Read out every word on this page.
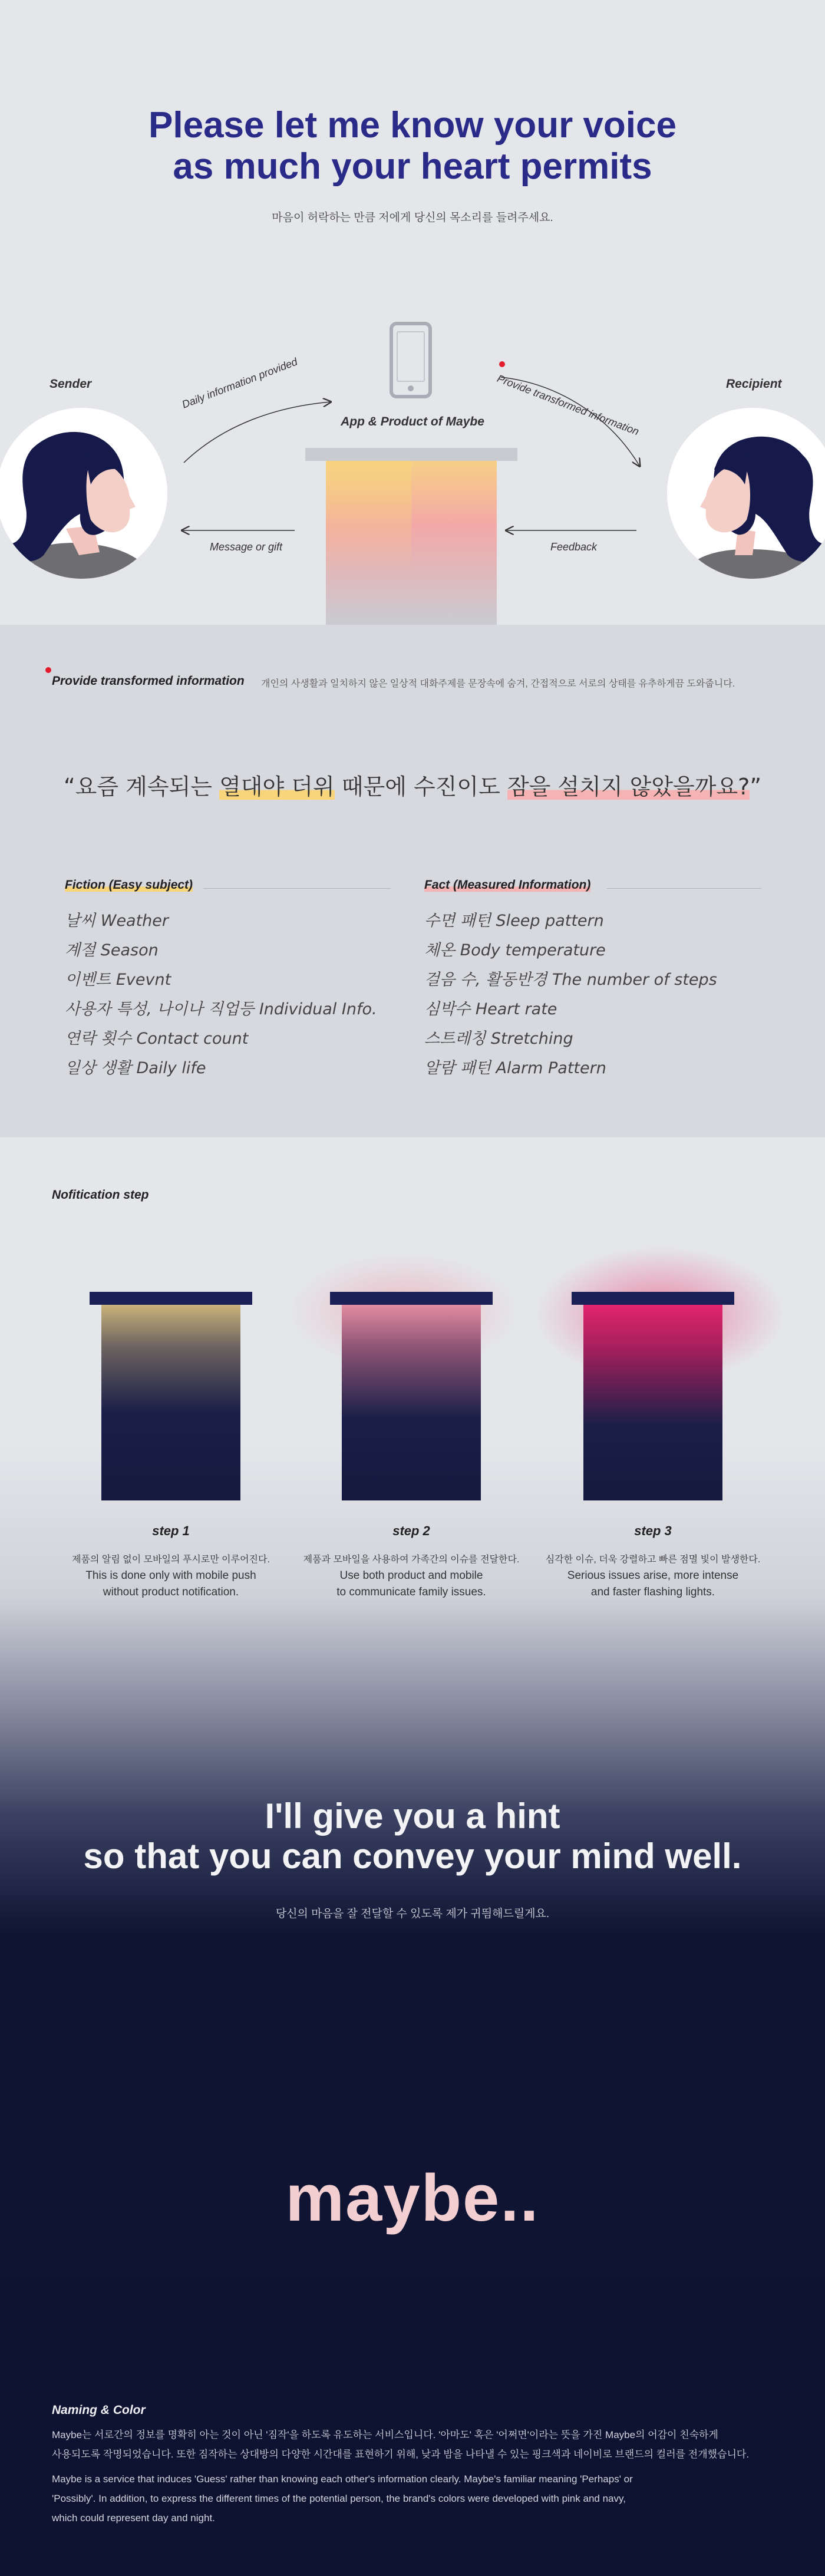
Please let me know your voice
as much your heart permits
마음이 허락하는 만큼 저에게 당신의 목소리를 들려주세요.
Sender	Recipient
App & Product of Maybe
Daily information provided	Provide transformed information
Message or gift	Feedback
Provide transformed information 개인의 사생활과 일치하지 않은 일상적 대화주제를 문장속에 숨겨, 간접적으로 서로의 상태를 유추하게끔 도와줍니다.
“요즘 계속되는 열대야 더위 때문에 수진이도 잠을 설치지 않았을까요?”
Fiction (Easy subject)
날씨 Weather
계절 Season
이벤트 Evevnt
사용자 특성, 나이나 직업등 Individual Info.
연락 횟수 Contact count
일상 생활 Daily life
Fact (Measured Information)
수면 패턴 Sleep pattern
체온 Body temperature
걸음 수, 활동반경 The number of steps
심박수 Heart rate
스트레칭 Stretching
알람 패턴 Alarm Pattern
Nofitication step
step 1
제품의 알림 없이 모바일의 푸시로만 이루어진다.
This is done only with mobile push
without product notification.
step 2
제품과 모바일을 사용하여 가족간의 이슈를 전달한다.
Use both product and mobile
to communicate family issues.
step 3
심각한 이슈, 더욱 강렬하고 빠른 점멸 빛이 발생한다.
Serious issues arise, more intense
and faster flashing lights.
I'll give you a hint
so that you can convey your mind well.
당신의 마음을 잘 전달할 수 있도록 제가 귀띔해드릴게요.
maybe..
Naming & Color
Maybe는 서로간의 정보를 명확히 아는 것이 아닌 '짐작'을 하도록 유도하는 서비스입니다. '아마도' 혹은 '어쩌면'이라는 뜻을 가진 Maybe의 어감이 친숙하게
사용되도록 작명되었습니다. 또한 짐작하는 상대방의 다양한 시간대를 표현하기 위해, 낮과 밤을 나타낼 수 있는 핑크색과 네이비로 브랜드의 컬러를 전개했습니다.
Maybe is a service that induces 'Guess' rather than knowing each other's information clearly. Maybe's familiar meaning 'Perhaps' or
'Possibly'. In addition, to express the different times of the potential person, the brand's colors were developed with pink and navy,
which could represent day and night.
